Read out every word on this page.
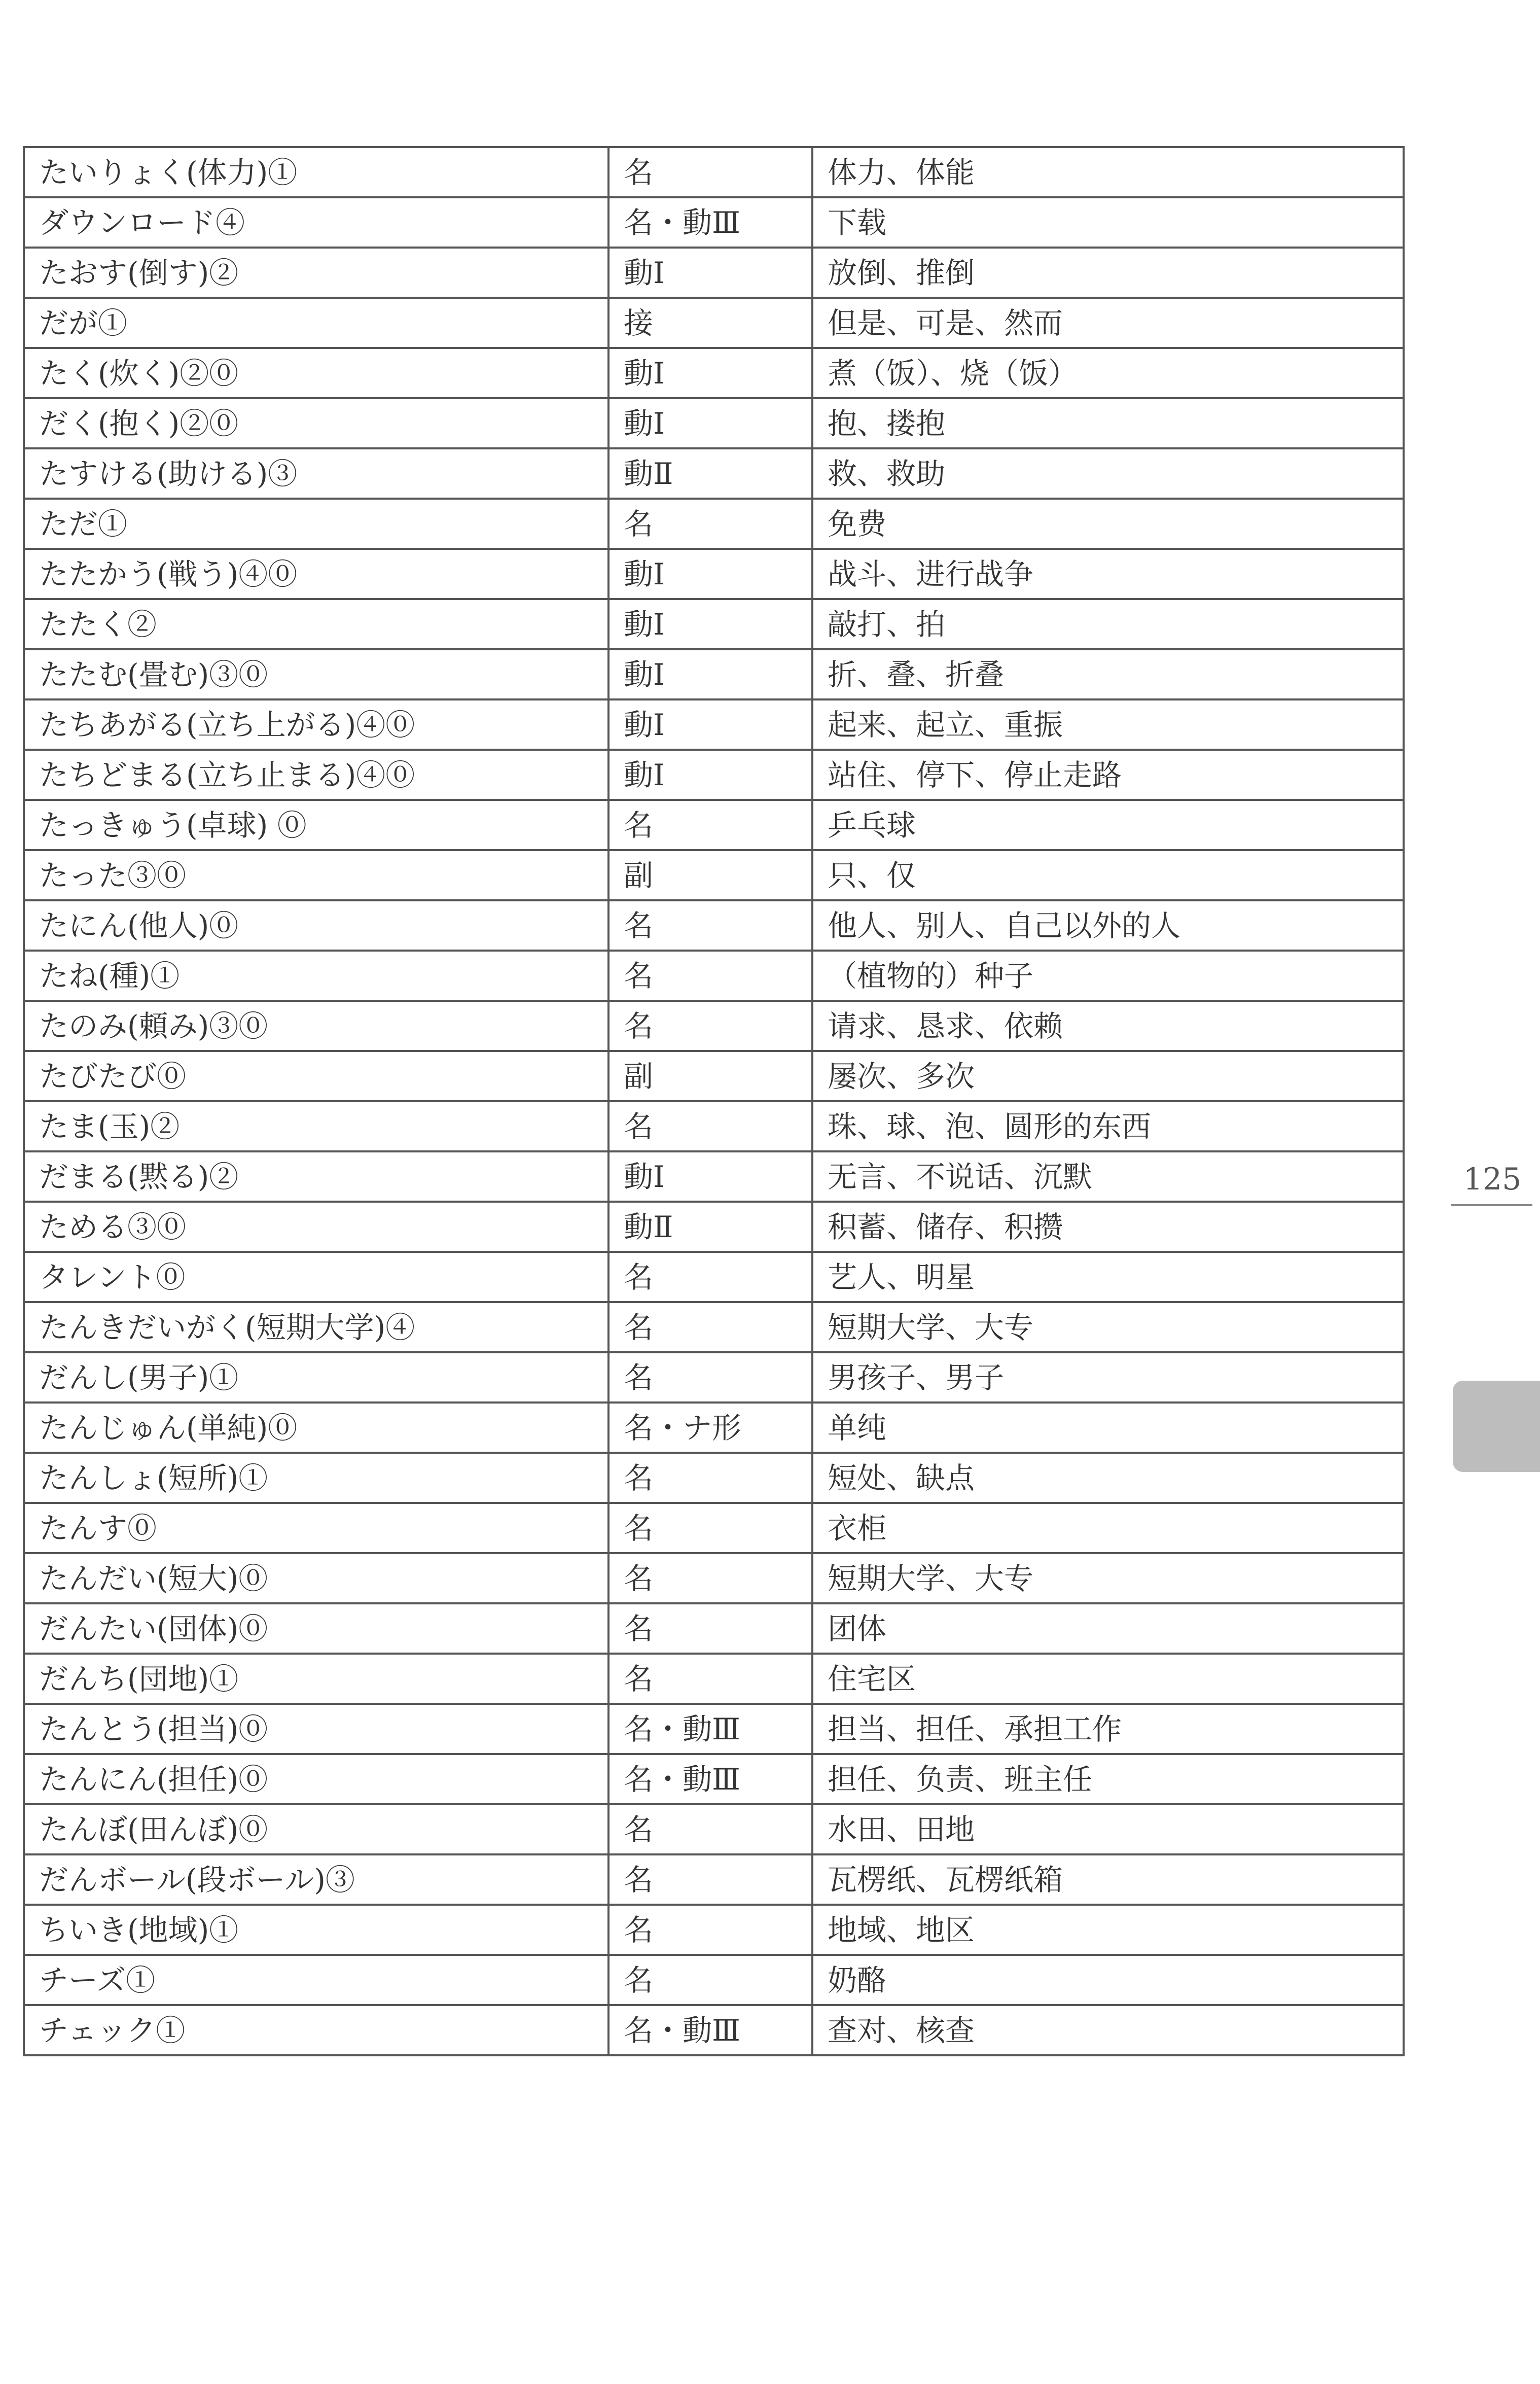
たいりょく(体力)①	名	体力、体能
ダウンロード④	名・動Ⅲ	下载
たおす(倒す)②	動Ⅰ	放倒、推倒
だが①	接	但是、可是、然而
たく(炊く)②⓪	動Ⅰ	煮（饭）、烧（饭）
だく(抱く)②⓪	動Ⅰ	抱、搂抱
たすける(助ける)③	動Ⅱ	救、救助
ただ①	名	免费
たたかう(戦う)④⓪	動Ⅰ	战斗、进行战争
たたく②	動Ⅰ	敲打、拍
たたむ(畳む)③⓪	動Ⅰ	折、叠、折叠
たちあがる(立ち上がる)④⓪	動Ⅰ	起来、起立、重振
たちどまる(立ち止まる)④⓪	動Ⅰ	站住、停下、停止走路
たっきゅう(卓球) ⓪	名	乒乓球
たった③⓪	副	只、仅
たにん(他人)⓪	名	他人、别人、自己以外的人
たね(種)①	名	（植物的）种子
たのみ(頼み)③⓪	名	请求、恳求、依赖
たびたび⓪	副	屡次、多次
たま(玉)②	名	珠、球、泡、圆形的东西
だまる(黙る)②	動Ⅰ	无言、不说话、沉默
ためる③⓪	動Ⅱ	积蓄、储存、积攒
タレント⓪	名	艺人、明星
たんきだいがく(短期大学)④	名	短期大学、大专
だんし(男子)①	名	男孩子、男子
たんじゅん(単純)⓪	名・ナ形	单纯
たんしょ(短所)①	名	短处、缺点
たんす⓪	名	衣柜
たんだい(短大)⓪	名	短期大学、大专
だんたい(団体)⓪	名	团体
だんち(団地)①	名	住宅区
たんとう(担当)⓪	名・動Ⅲ	担当、担任、承担工作
たんにん(担任)⓪	名・動Ⅲ	担任、负责、班主任
たんぼ(田んぼ)⓪	名	水田、田地
だんボール(段ボール)③	名	瓦楞纸、瓦楞纸箱
ちいき(地域)①	名	地域、地区
チーズ①	名	奶酪
チェック①	名・動Ⅲ	查对、核查
125
